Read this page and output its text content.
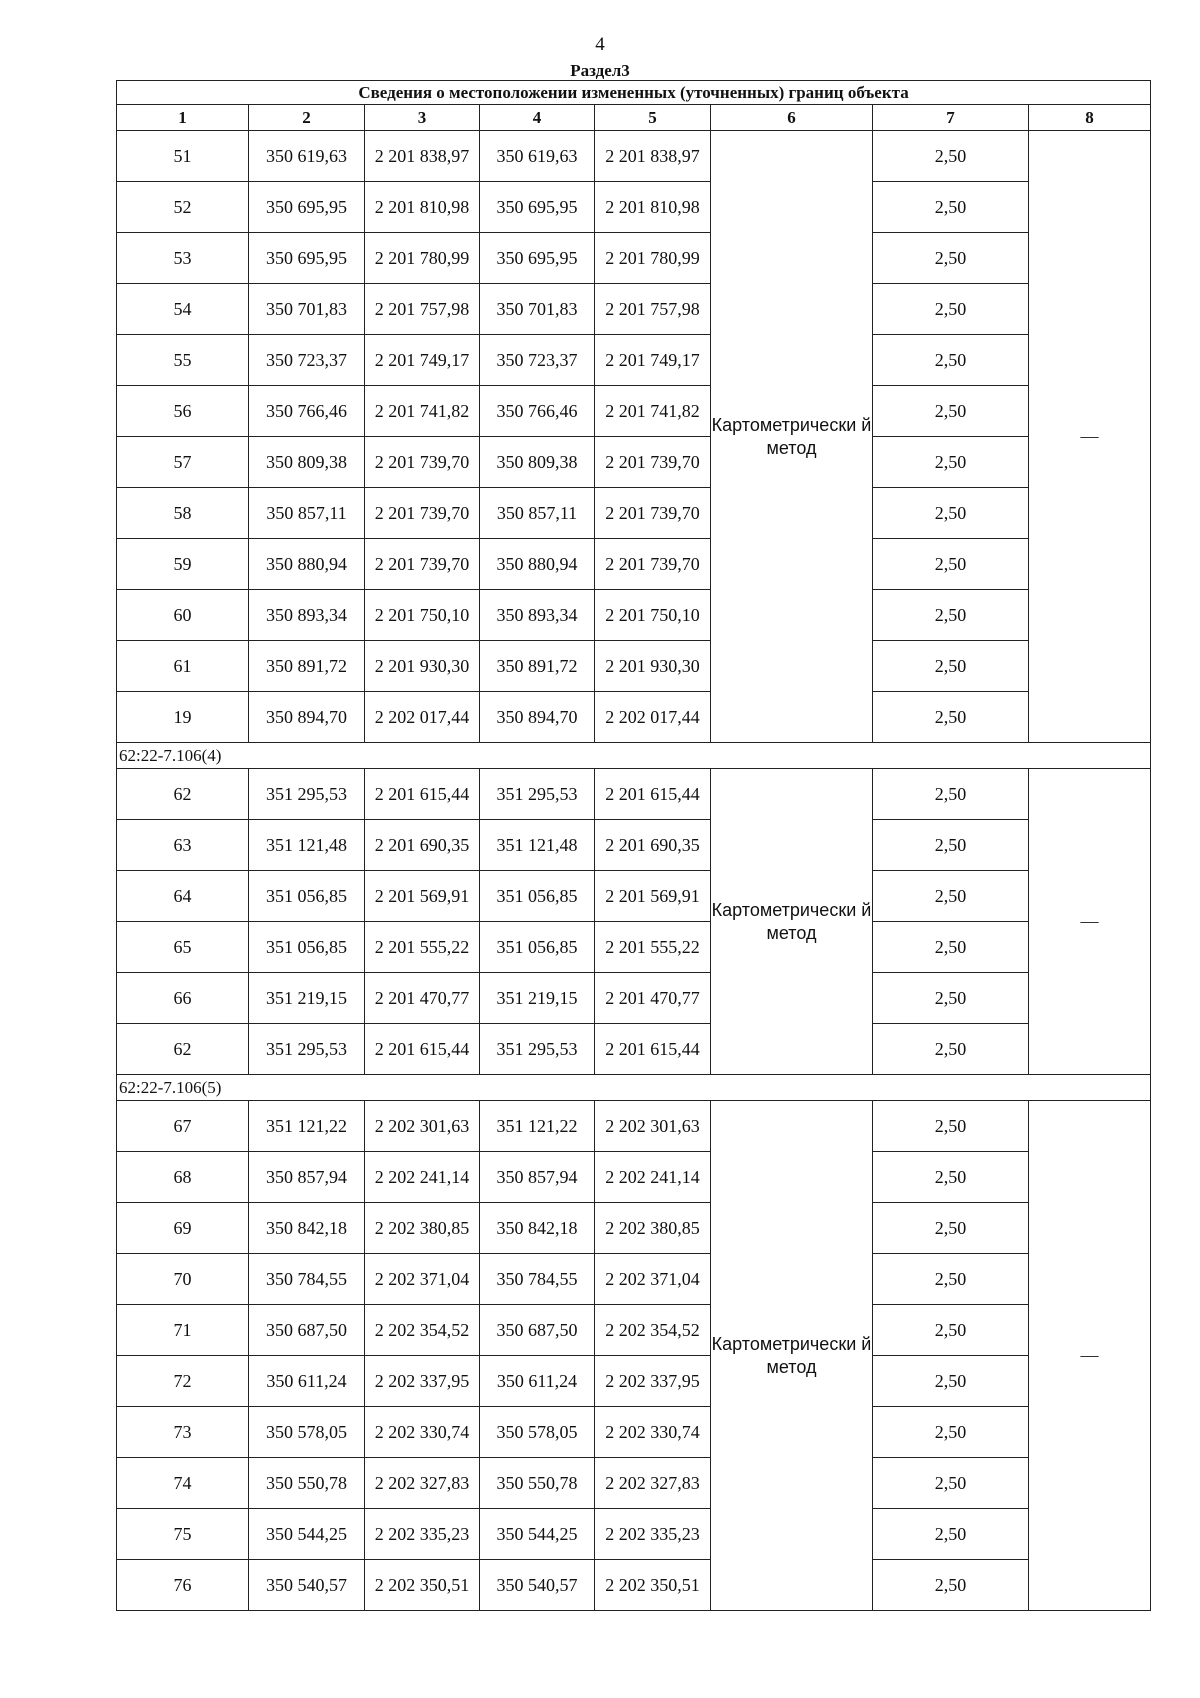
4
Раздел3
Сведения о местоположении измененных (уточненных) границ объекта							
1	2	3	4	5	6	7	8
51	350 619,63	2 201 838,97	350 619,63	2 201 838,97	Картометрически й метод	2,50	—
52	350 695,95	2 201 810,98	350 695,95	2 201 810,98		2,50	
53	350 695,95	2 201 780,99	350 695,95	2 201 780,99		2,50	
54	350 701,83	2 201 757,98	350 701,83	2 201 757,98		2,50	
55	350 723,37	2 201 749,17	350 723,37	2 201 749,17		2,50	
56	350 766,46	2 201 741,82	350 766,46	2 201 741,82		2,50	
57	350 809,38	2 201 739,70	350 809,38	2 201 739,70		2,50	
58	350 857,11	2 201 739,70	350 857,11	2 201 739,70		2,50	
59	350 880,94	2 201 739,70	350 880,94	2 201 739,70		2,50	
60	350 893,34	2 201 750,10	350 893,34	2 201 750,10		2,50	
61	350 891,72	2 201 930,30	350 891,72	2 201 930,30		2,50	
19	350 894,70	2 202 017,44	350 894,70	2 202 017,44		2,50	
62:22-7.106(4)							
62	351 295,53	2 201 615,44	351 295,53	2 201 615,44	Картометрически й метод	2,50	—
63	351 121,48	2 201 690,35	351 121,48	2 201 690,35		2,50	
64	351 056,85	2 201 569,91	351 056,85	2 201 569,91		2,50	
65	351 056,85	2 201 555,22	351 056,85	2 201 555,22		2,50	
66	351 219,15	2 201 470,77	351 219,15	2 201 470,77		2,50	
62	351 295,53	2 201 615,44	351 295,53	2 201 615,44		2,50	
62:22-7.106(5)							
67	351 121,22	2 202 301,63	351 121,22	2 202 301,63	Картометрически й метод	2,50	—
68	350 857,94	2 202 241,14	350 857,94	2 202 241,14		2,50	
69	350 842,18	2 202 380,85	350 842,18	2 202 380,85		2,50	
70	350 784,55	2 202 371,04	350 784,55	2 202 371,04		2,50	
71	350 687,50	2 202 354,52	350 687,50	2 202 354,52		2,50	
72	350 611,24	2 202 337,95	350 611,24	2 202 337,95		2,50	
73	350 578,05	2 202 330,74	350 578,05	2 202 330,74		2,50	
74	350 550,78	2 202 327,83	350 550,78	2 202 327,83		2,50	
75	350 544,25	2 202 335,23	350 544,25	2 202 335,23		2,50	
76	350 540,57	2 202 350,51	350 540,57	2 202 350,51		2,50	
